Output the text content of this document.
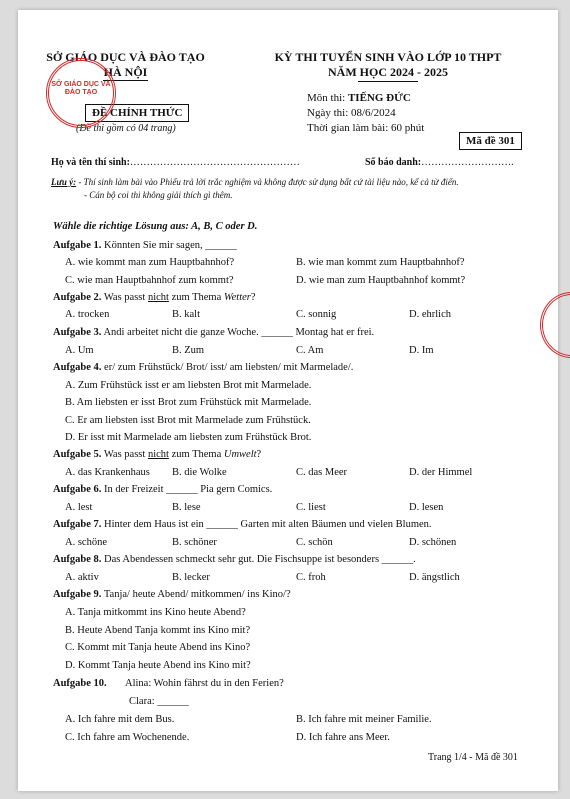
SỞ GIÁO DỤC VÀ ĐÀO TẠO
HÀ NỘI
ĐỀ CHÍNH THỨC
(Đề thi gồm có 04 trang)
SỞ GIÁO DỤC VÀ ĐÀO TẠO
KỲ THI TUYỂN SINH VÀO LỚP 10 THPT
NĂM HỌC 2024 - 2025
Môn thi: TIẾNG ĐỨC
Ngày thi: 08/6/2024
Thời gian làm bài: 60 phút
Mã đề 301
Họ và tên thí sinh:……………………………………………	Số báo danh:……………………….
Lưu ý: - Thí sinh làm bài vào Phiếu trả lời trắc nghiệm và không được sử dụng bất cứ tài liệu nào, kể cả từ điển.
- Cán bộ coi thi không giải thích gì thêm.
Wähle die richtige Lösung aus: A, B, C oder D.
Aufgabe 1. Könnten Sie mir sagen, ______
A. wie kommt man zum Hauptbahnhof?	B. wie man kommt zum Hauptbahnhof?
C. wie man Hauptbahnhof zum kommt?	D. wie man zum Hauptbahnhof kommt?
Aufgabe 2. Was passt nicht zum Thema Wetter?
A. trocken	B. kalt	C. sonnig	D. ehrlich
Aufgabe 3. Andi arbeitet nicht die ganze Woche. ______ Montag hat er frei.
A. Um	B. Zum	C. Am	D. Im
Aufgabe 4. er/ zum Frühstück/ Brot/ isst/ am liebsten/ mit Marmelade/.
A. Zum Frühstück isst er am liebsten Brot mit Marmelade.
B. Am liebsten er isst Brot zum Frühstück mit Marmelade.
C. Er am liebsten isst Brot mit Marmelade zum Frühstück.
D. Er isst mit Marmelade am liebsten zum Frühstück Brot.
Aufgabe 5. Was passt nicht zum Thema Umwelt?
A. das Krankenhaus B. die Wolke	C. das Meer	D. der Himmel
Aufgabe 6. In der Freizeit ______ Pia gern Comics.
A. lest	B. lese	C. liest	D. lesen
Aufgabe 7. Hinter dem Haus ist ein ______ Garten mit alten Bäumen und vielen Blumen.
A. schöne	B. schöner	C. schön	D. schönen
Aufgabe 8. Das Abendessen schmeckt sehr gut. Die Fischsuppe ist besonders ______.
A. aktiv	B. lecker	C. froh	D. ängstlich
Aufgabe 9. Tanja/ heute Abend/ mitkommen/ ins Kino/?
A. Tanja mitkommt ins Kino heute Abend?
B. Heute Abend Tanja kommt ins Kino mit?
C. Kommt mit Tanja heute Abend ins Kino?
D. Kommt Tanja heute Abend ins Kino mit?
Aufgabe 10. Alina: Wohin fährst du in den Ferien?
Clara: ______
A. Ich fahre mit dem Bus.	B. Ich fahre mit meiner Familie.
C. Ich fahre am Wochenende.	D. Ich fahre ans Meer.
Trang 1/4 - Mã đề 301
